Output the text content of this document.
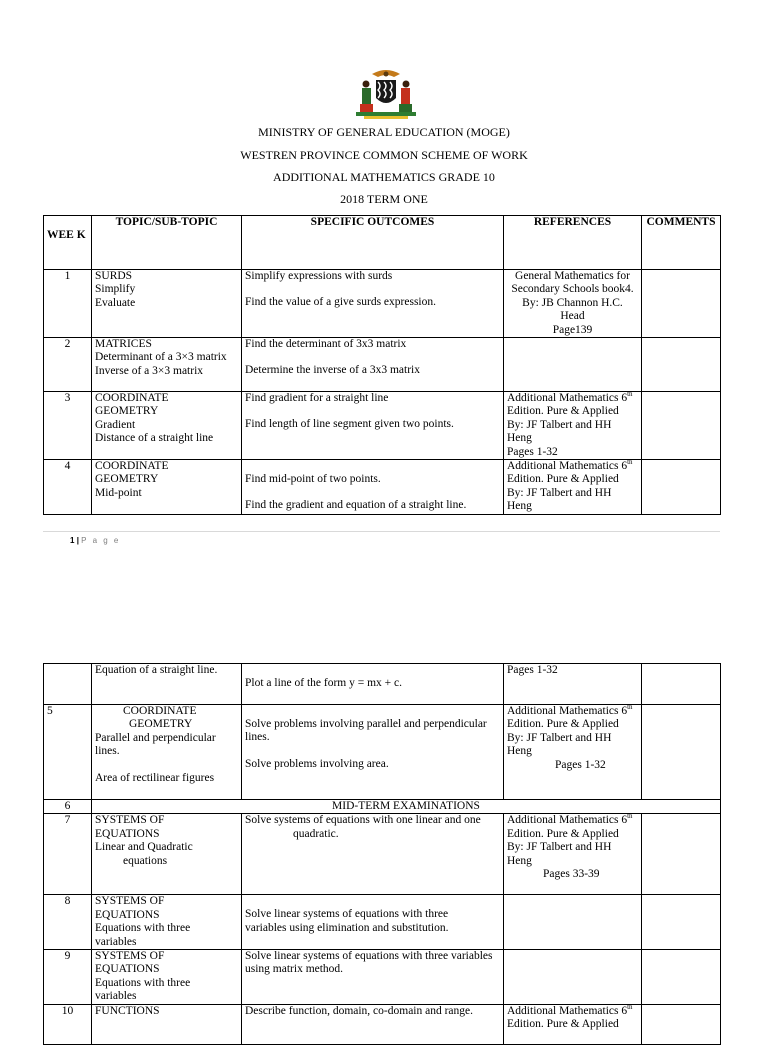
MINISTRY OF GENERAL EDUCATION (MOGE)
WESTREN PROVINCE COMMON SCHEME OF WORK
ADDITIONAL MATHEMATICS GRADE 10
2018 TERM ONE
WEE K	TOPIC/SUB-TOPIC	SPECIFIC OUTCOMES	REFERENCES	COMMENTS
1	SURDS
Simplify
Evaluate	Simplify expressions with surds
Find the value of a give surds expression.	General Mathematics for
Secondary Schools book4.
By: JB Channon H.C.
Head
Page139	

2	MATRICES
Determinant of a 3×3 matrix
Inverse of a 3×3 matrix	Find the determinant of 3x3 matrix
Determine the inverse of a 3x3 matrix		

3	COORDINATE
GEOMETRY
Gradient
Distance of a straight line	Find gradient for a straight line
Find length of line segment given two points.	Additional Mathematics 6th
Edition. Pure & Applied
By: JF Talbert and HH
Heng
Pages 1-32	

4	COORDINATE
GEOMETRY
Mid-point	Find mid-point of two points.
Find the gradient and equation of a straight line.	Additional Mathematics 6th
Edition. Pure & Applied
By: JF Talbert and HH
Heng	

1 | P a g e

	Equation of a straight line.	Plot a line of the form y = mx + c.	Pages 1-32	

5	COORDINATE
GEOMETRY
Parallel and perpendicular
lines.
Area of rectilinear figures	Solve problems involving parallel and perpendicular
lines.
Solve problems involving area.	Additional Mathematics 6th
Edition. Pure & Applied
By: JF Talbert and HH
Heng
Pages 1-32	

6	MID-TERM EXAMINATIONS			
7	SYSTEMS OF
EQUATIONS
Linear and Quadratic
equations	Solve systems of equations with one linear and one
quadratic.	Additional Mathematics 6th
Edition. Pure & Applied
By: JF Talbert and HH
Heng
Pages 33-39	

8	SYSTEMS OF
EQUATIONS
Equations with three
variables	Solve linear systems of equations with three
variables using elimination and substitution.		

9	SYSTEMS OF
EQUATIONS
Equations with three
variables	Solve linear systems of equations with three variables
using matrix method.		

10	FUNCTIONS	Describe function, domain, co-domain and range.	Additional Mathematics 6th
Edition. Pure & Applied	
